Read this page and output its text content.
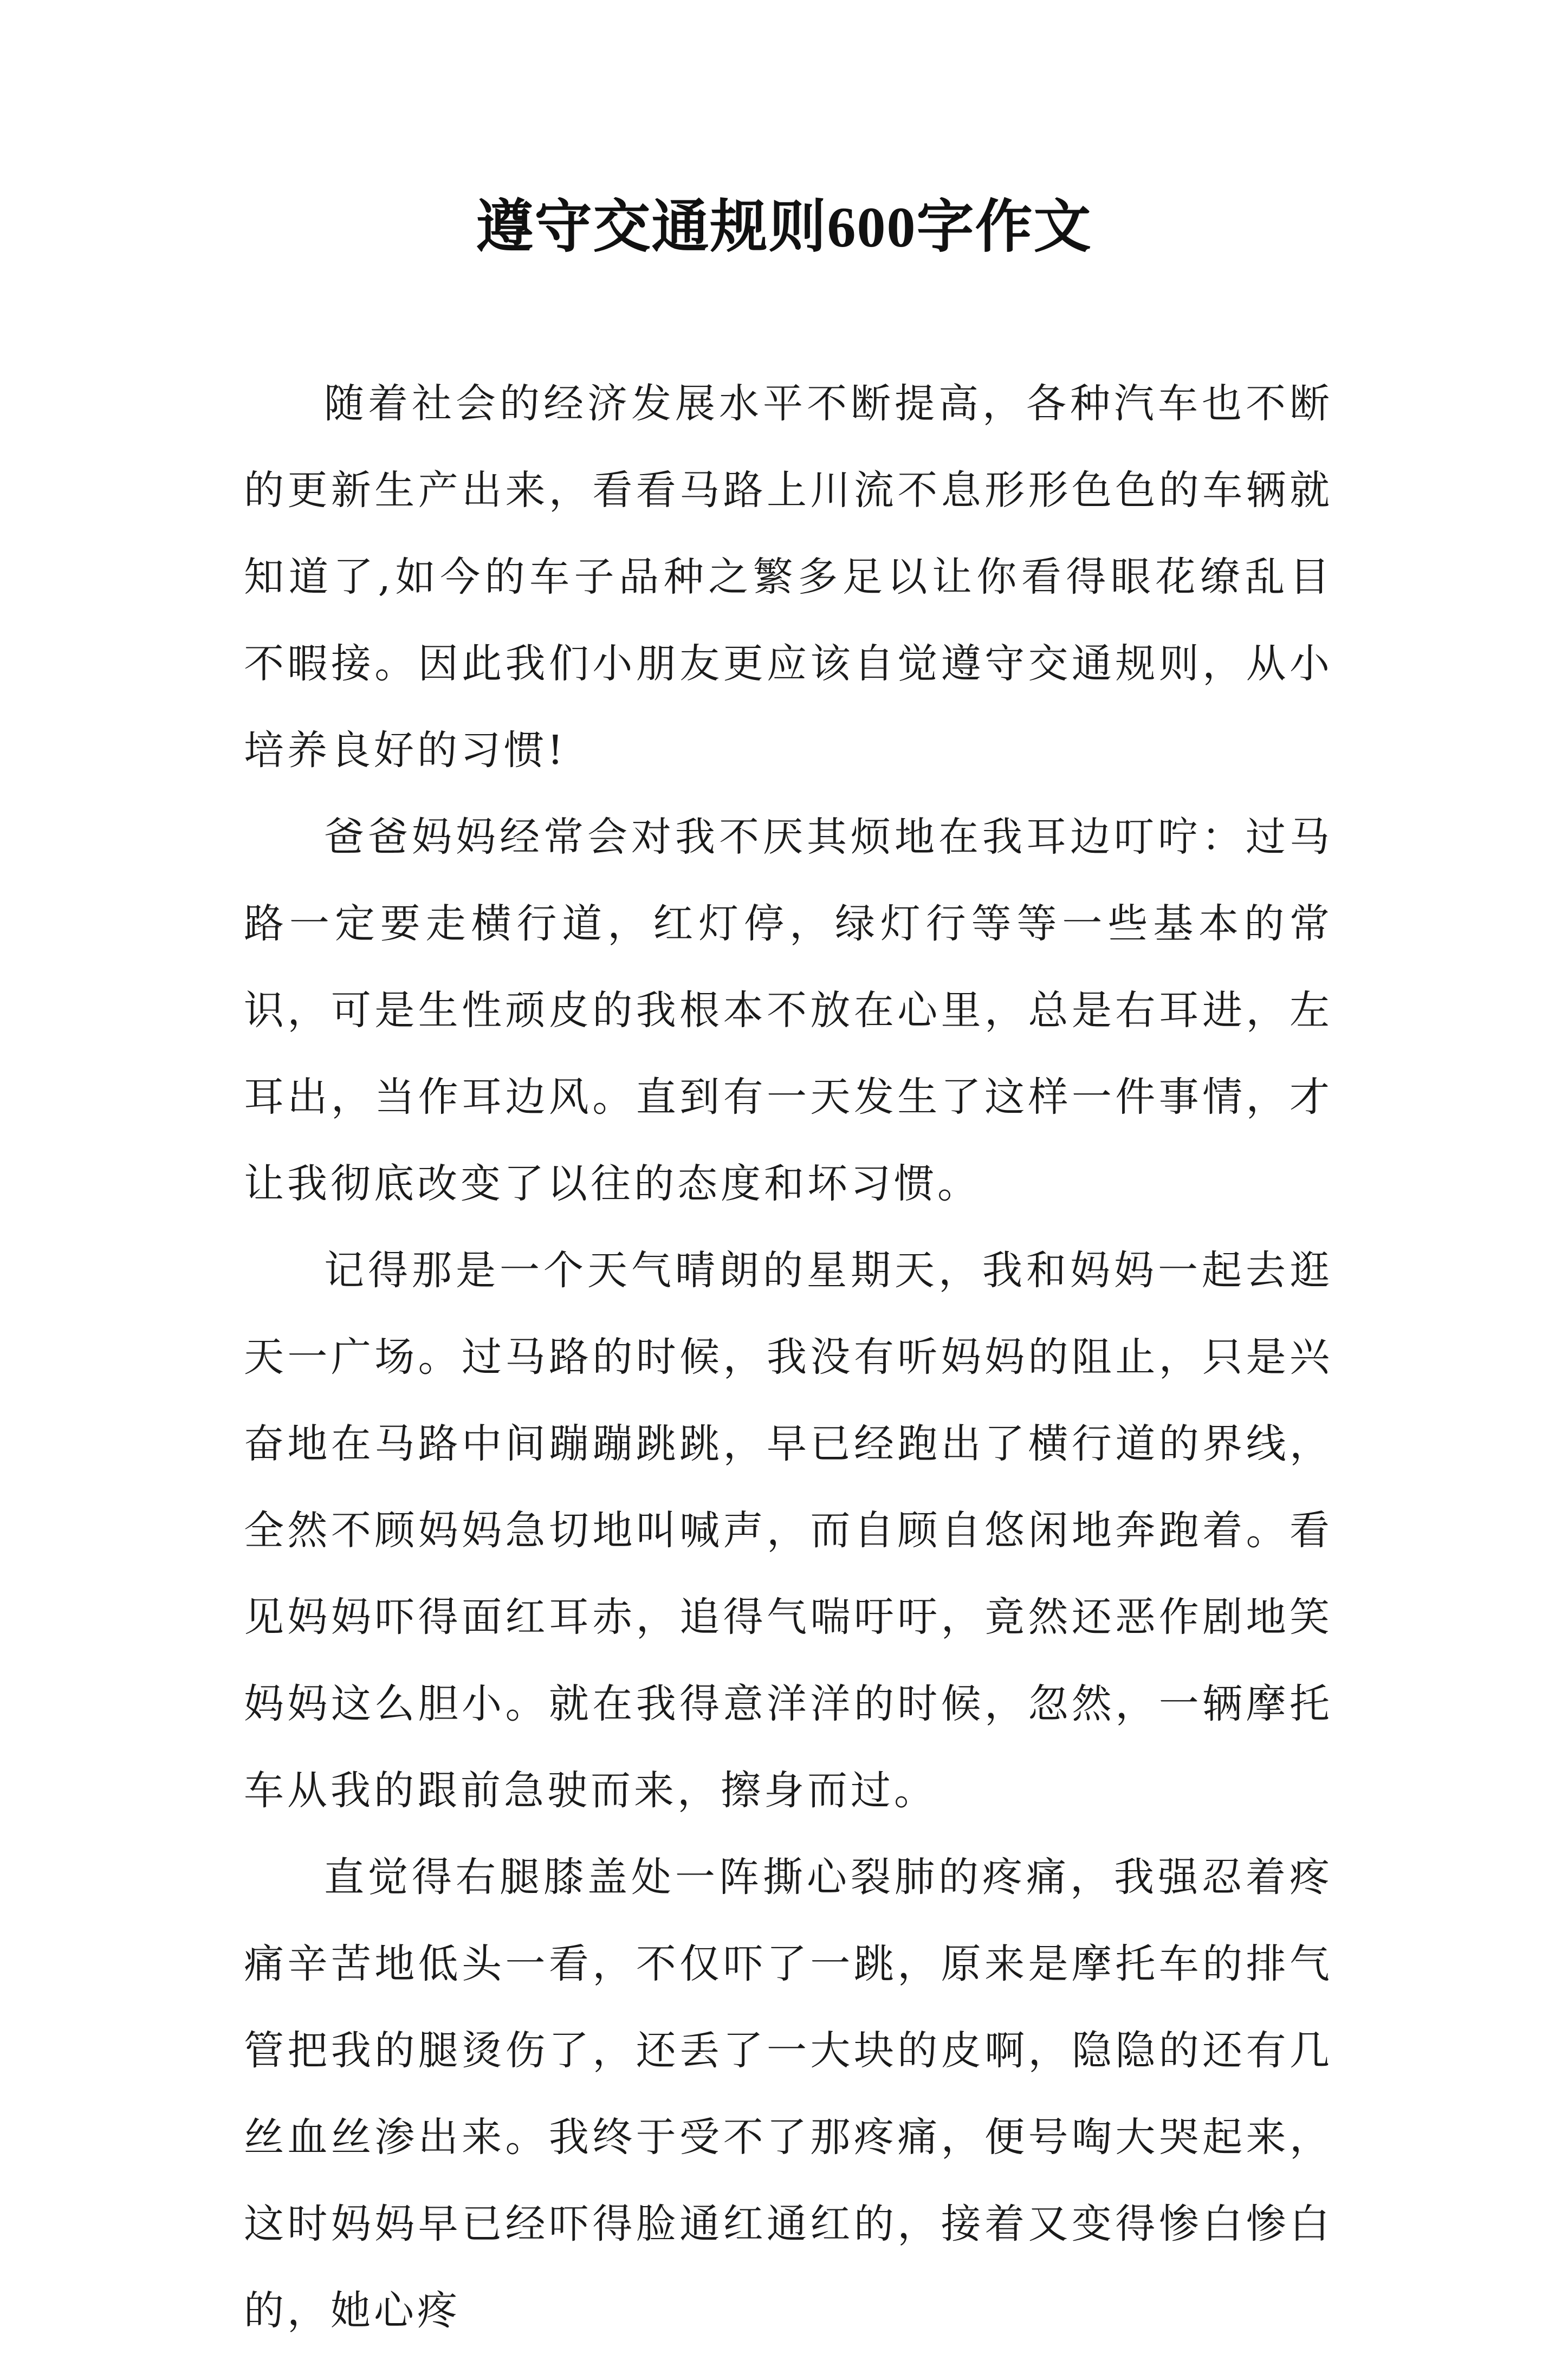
遵守交通规则600字作文

随着社会的经济发展水平不断提高，各种汽车也不断的更新生产出来，看看马路上川流不息形形色色的车辆就知道了,如今的车子品种之繁多足以让你看得眼花缭乱目不暇接。因此我们小朋友更应该自觉遵守交通规则，从小培养良好的习惯!

爸爸妈妈经常会对我不厌其烦地在我耳边叮咛：过马路一定要走横行道，红灯停，绿灯行等等一些基本的常识，可是生性顽皮的我根本不放在心里，总是右耳进，左耳出，当作耳边风。直到有一天发生了这样一件事情，才让我彻底改变了以往的态度和坏习惯。

记得那是一个天气晴朗的星期天，我和妈妈一起去逛天一广场。过马路的时候，我没有听妈妈的阻止，只是兴奋地在马路中间蹦蹦跳跳，早已经跑出了横行道的界线，全然不顾妈妈急切地叫喊声，而自顾自悠闲地奔跑着。看见妈妈吓得面红耳赤，追得气喘吁吁，竟然还恶作剧地笑妈妈这么胆小。就在我得意洋洋的时候，忽然，一辆摩托车从我的跟前急驶而来，擦身而过。

直觉得右腿膝盖处一阵撕心裂肺的疼痛，我强忍着疼痛辛苦地低头一看，不仅吓了一跳，原来是摩托车的排气管把我的腿烫伤了，还丢了一大块的皮啊，隐隐的还有几丝血丝渗出来。我终于受不了那疼痛，便号啕大哭起来，这时妈妈早已经吓得脸通红通红的，接着又变得惨白惨白的，她心疼
